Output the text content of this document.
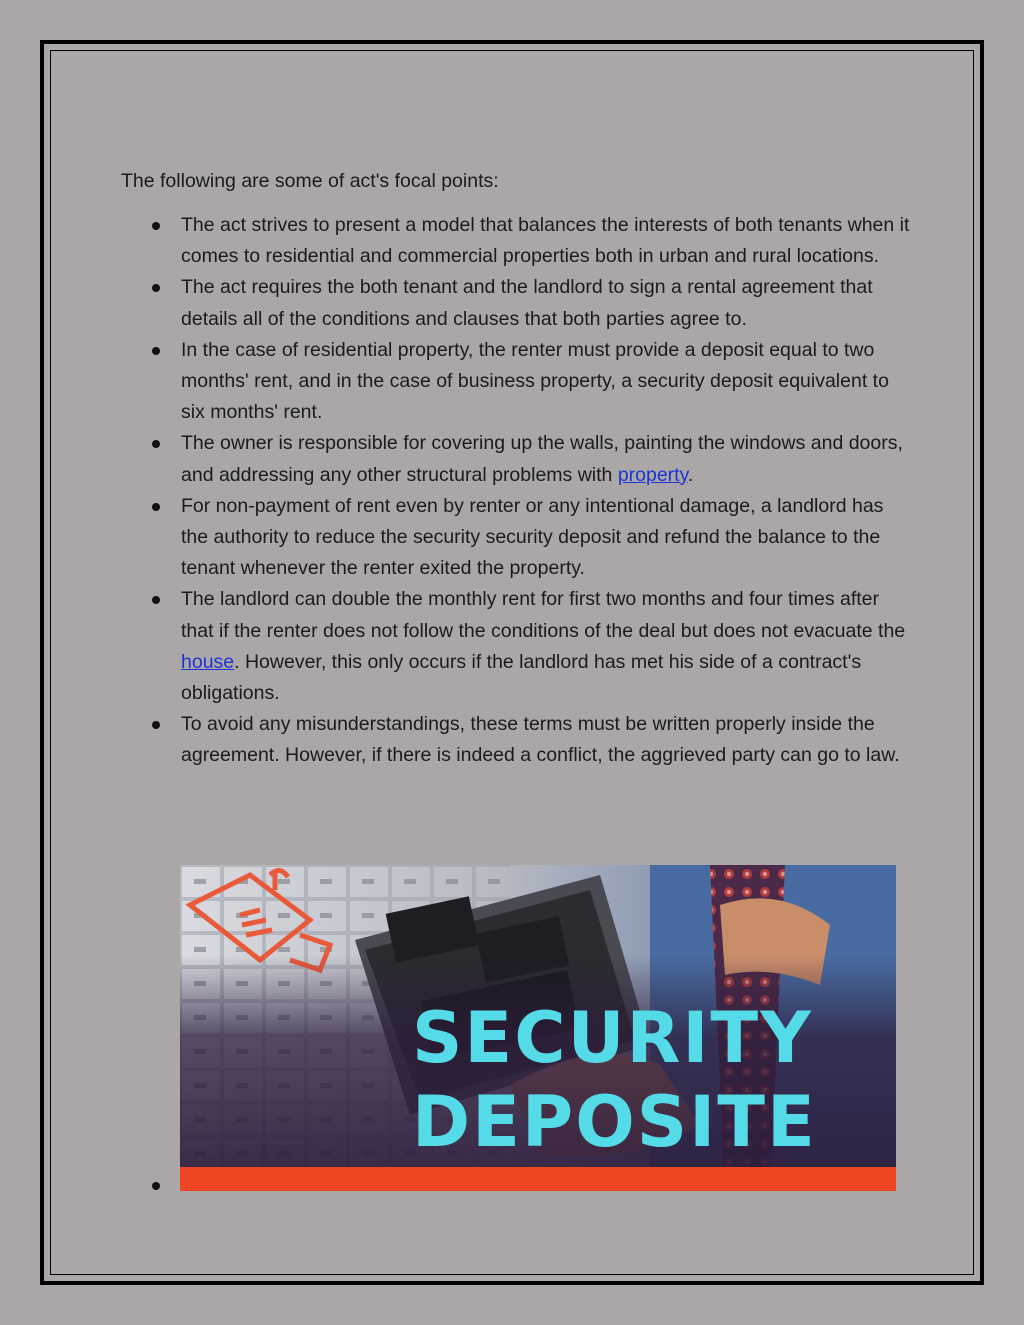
The following are some of act's focal points:

The act strives to present a model that balances the interests of both tenants when it comes to residential and commercial properties both in urban and rural locations.
The act requires the both tenant and the landlord to sign a rental agreement that details all of the conditions and clauses that both parties agree to.
In the case of residential property, the renter must provide a deposit equal to two months' rent, and in the case of business property, a security deposit equivalent to six months' rent.
The owner is responsible for covering up the walls, painting the windows and doors, and addressing any other structural problems with property.
For non-payment of rent even by renter or any intentional damage, a landlord has the authority to reduce the security security deposit and refund the balance to the tenant whenever the renter exited the property.
The landlord can double the monthly rent for first two months and four times after that if the renter does not follow the conditions of the deal but does not evacuate the house. However, this only occurs if the landlord has met his side of a contract's obligations.
To avoid any misunderstandings, these terms must be written properly inside the agreement. However, if there is indeed a conflict, the aggrieved party can go to law.
SECURITY
DEPOSITE
